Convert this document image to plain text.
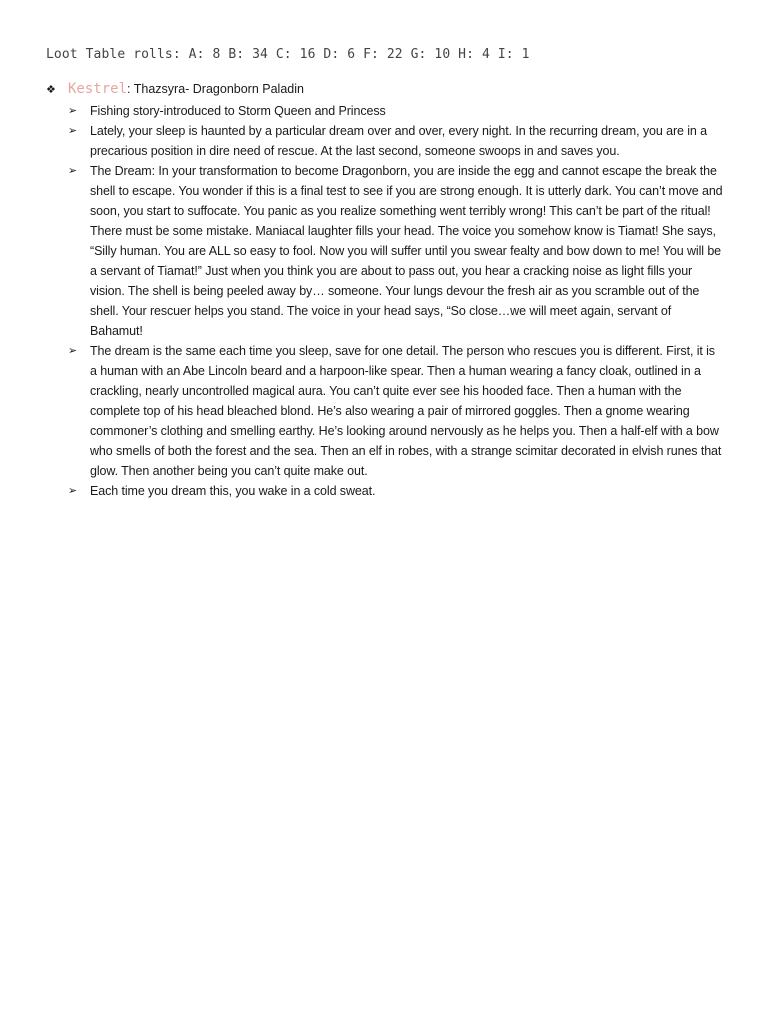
Loot Table rolls: A: 8 B: 34 C: 16 D: 6 F: 22 G: 10 H: 4 I: 1
❖ Kestrel: Thazsyra- Dragonborn Paladin
➢	Fishing story-introduced to Storm Queen and Princess
➢	Lately, your sleep is haunted by a particular dream over and over, every night. In the recurring dream, you are in a precarious position in dire need of rescue. At the last second, someone swoops in and saves you.
➢	The Dream: In your transformation to become Dragonborn, you are inside the egg and cannot escape the break the shell to escape. You wonder if this is a final test to see if you are strong enough. It is utterly dark. You can’t move and soon, you start to suffocate. You panic as you realize something went terribly wrong! This can’t be part of the ritual! There must be some mistake. Maniacal laughter fills your head. The voice you somehow know is Tiamat! She says, “Silly human. You are ALL so easy to fool. Now you will suffer until you swear fealty and bow down to me! You will be a servant of Tiamat!” Just when you think you are about to pass out, you hear a cracking noise as light fills your vision. The shell is being peeled away by… someone. Your lungs devour the fresh air as you scramble out of the shell. Your rescuer helps you stand. The voice in your head says, “So close…we will meet again, servant of Bahamut!
➢	The dream is the same each time you sleep, save for one detail. The person who rescues you is different. First, it is a human with an Abe Lincoln beard and a harpoon-like spear. Then a human wearing a fancy cloak, outlined in a crackling, nearly uncontrolled magical aura. You can’t quite ever see his hooded face. Then a human with the complete top of his head bleached blond. He’s also wearing a pair of mirrored goggles. Then a gnome wearing commoner’s clothing and smelling earthy. He’s looking around nervously as he helps you. Then a half-elf with a bow who smells of both the forest and the sea. Then an elf in robes, with a strange scimitar decorated in elvish runes that glow. Then another being you can’t quite make out.
➢	Each time you dream this, you wake in a cold sweat.
